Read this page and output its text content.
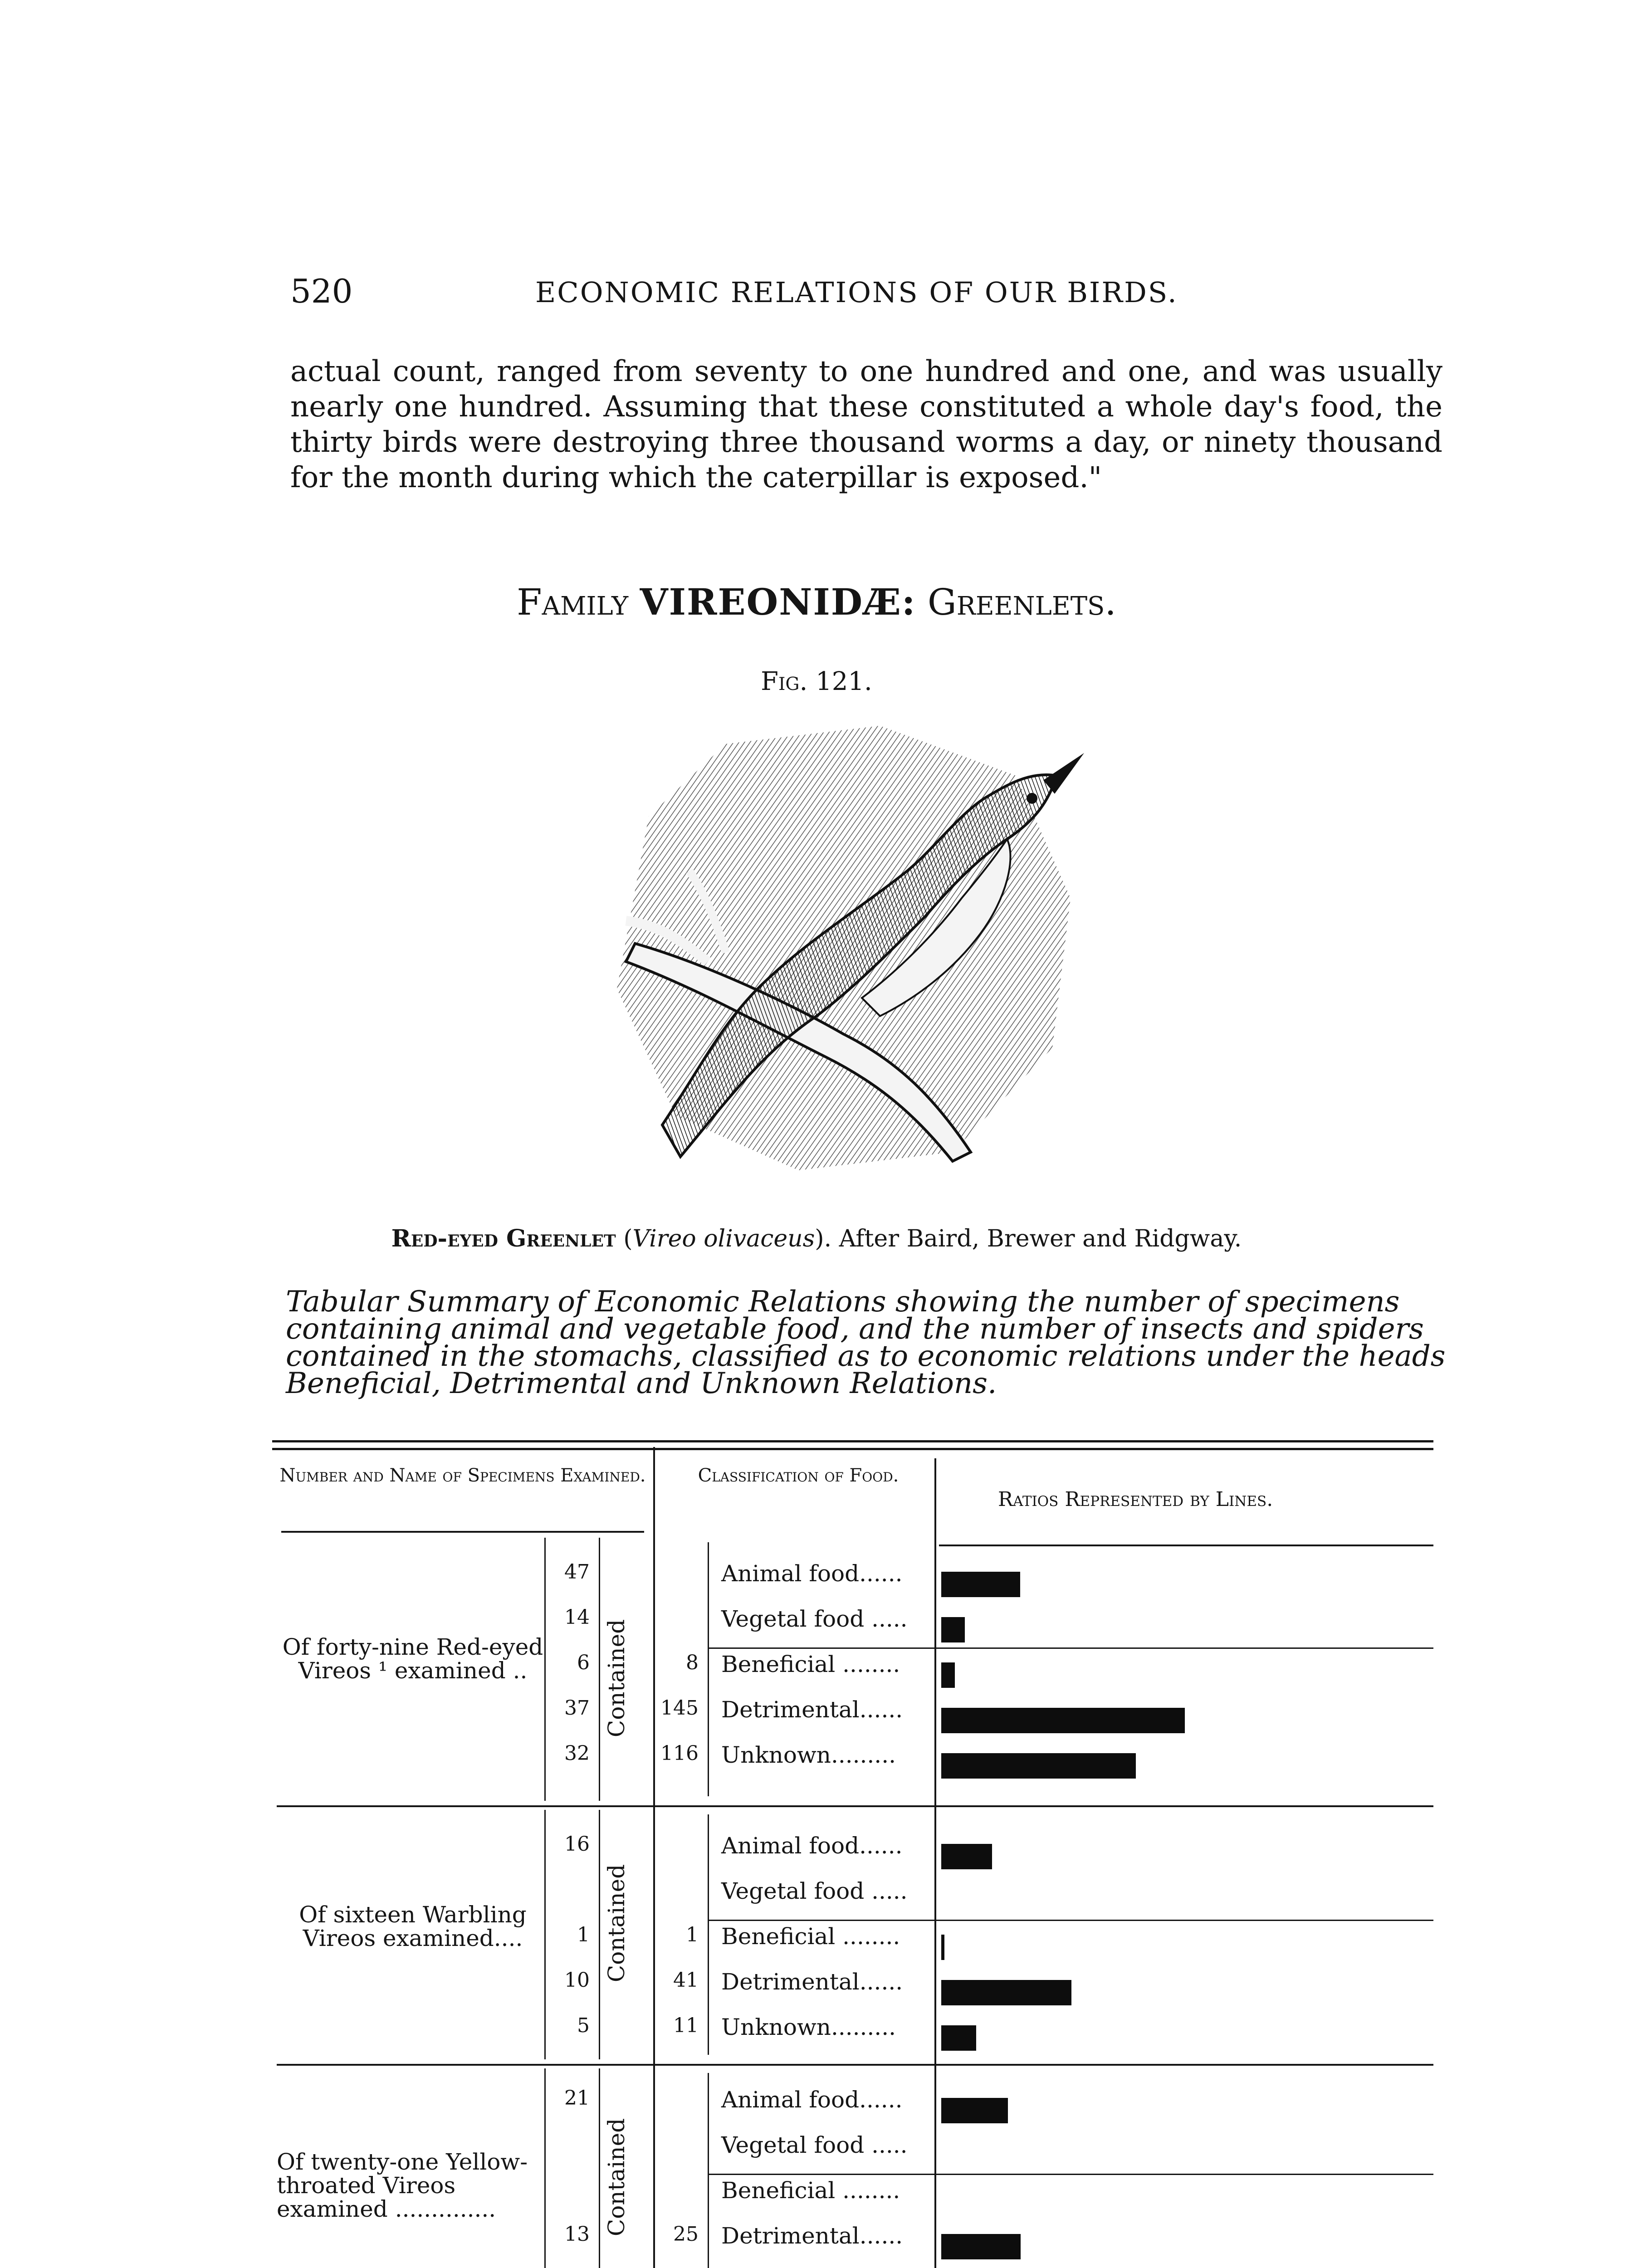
520	ECONOMIC RELATIONS OF OUR BIRDS.
actual count, ranged from seventy to one hundred and one, and was usually nearly one hundred. Assuming that these constituted a whole day's food, the thirty birds were destroying three thousand worms a day, or ninety thousand for the month during which the caterpillar is exposed."
Family VIREONIDÆ: Greenlets.
Fig. 121.
Red-eyed Greenlet (Vireo olivaceus). After Baird, Brewer and Ridgway.
Tabular Summary of Economic Relations showing the number of specimens containing animal and vegetable food, and the number of insects and spiders contained in the stomachs, classified as to economic relations under the heads Beneficial, Detrimental and Unknown Relations.
Number and Name of Specimens Examined.	Classification of Food.
Ratios Represented by Lines.
Of forty-nine Red-eyed Vireos ¹ examined ..	Contained
47	Animal food......
14	Vegetal food .....
6	8 Beneficial ........
37	145 Detrimental......
32	116 Unknown.........
Of sixteen Warbling Vireos examined....	Contained
16	Animal food......
Vegetal food .....
1	1 Beneficial ........
10	41 Detrimental......
5	11 Unknown.........
Of twenty-one Yellow-throated Vireos examined ..............	Contained
21	Animal food......
Vegetal food .....
Beneficial ........
13	25 Detrimental......
